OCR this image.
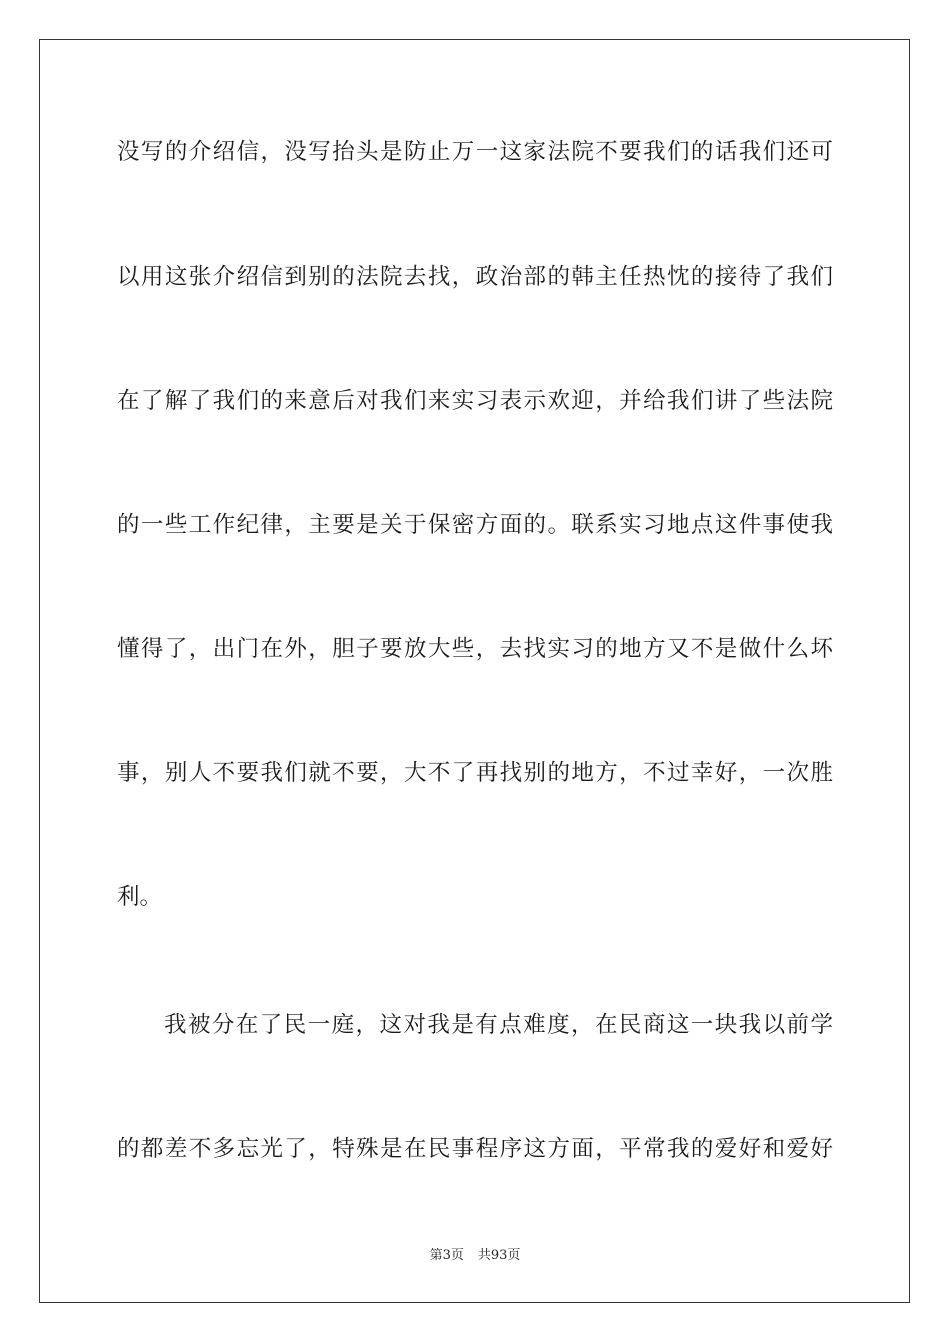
没写的介绍信，没写抬头是防止万一这家法院不要我们的话我们还可
以用这张介绍信到别的法院去找，政治部的韩主任热忱的接待了我们
在了解了我们的来意后对我们来实习表示欢迎，并给我们讲了些法院
的一些工作纪律，主要是关于保密方面的。联系实习地点这件事使我
懂得了，出门在外，胆子要放大些，去找实习的地方又不是做什么坏
事，别人不要我们就不要，大不了再找别的地方，不过幸好，一次胜
利。
我被分在了民一庭，这对我是有点难度，在民商这一块我以前学
的都差不多忘光了，特殊是在民事程序这方面，平常我的爱好和爱好
第3页 共93页
